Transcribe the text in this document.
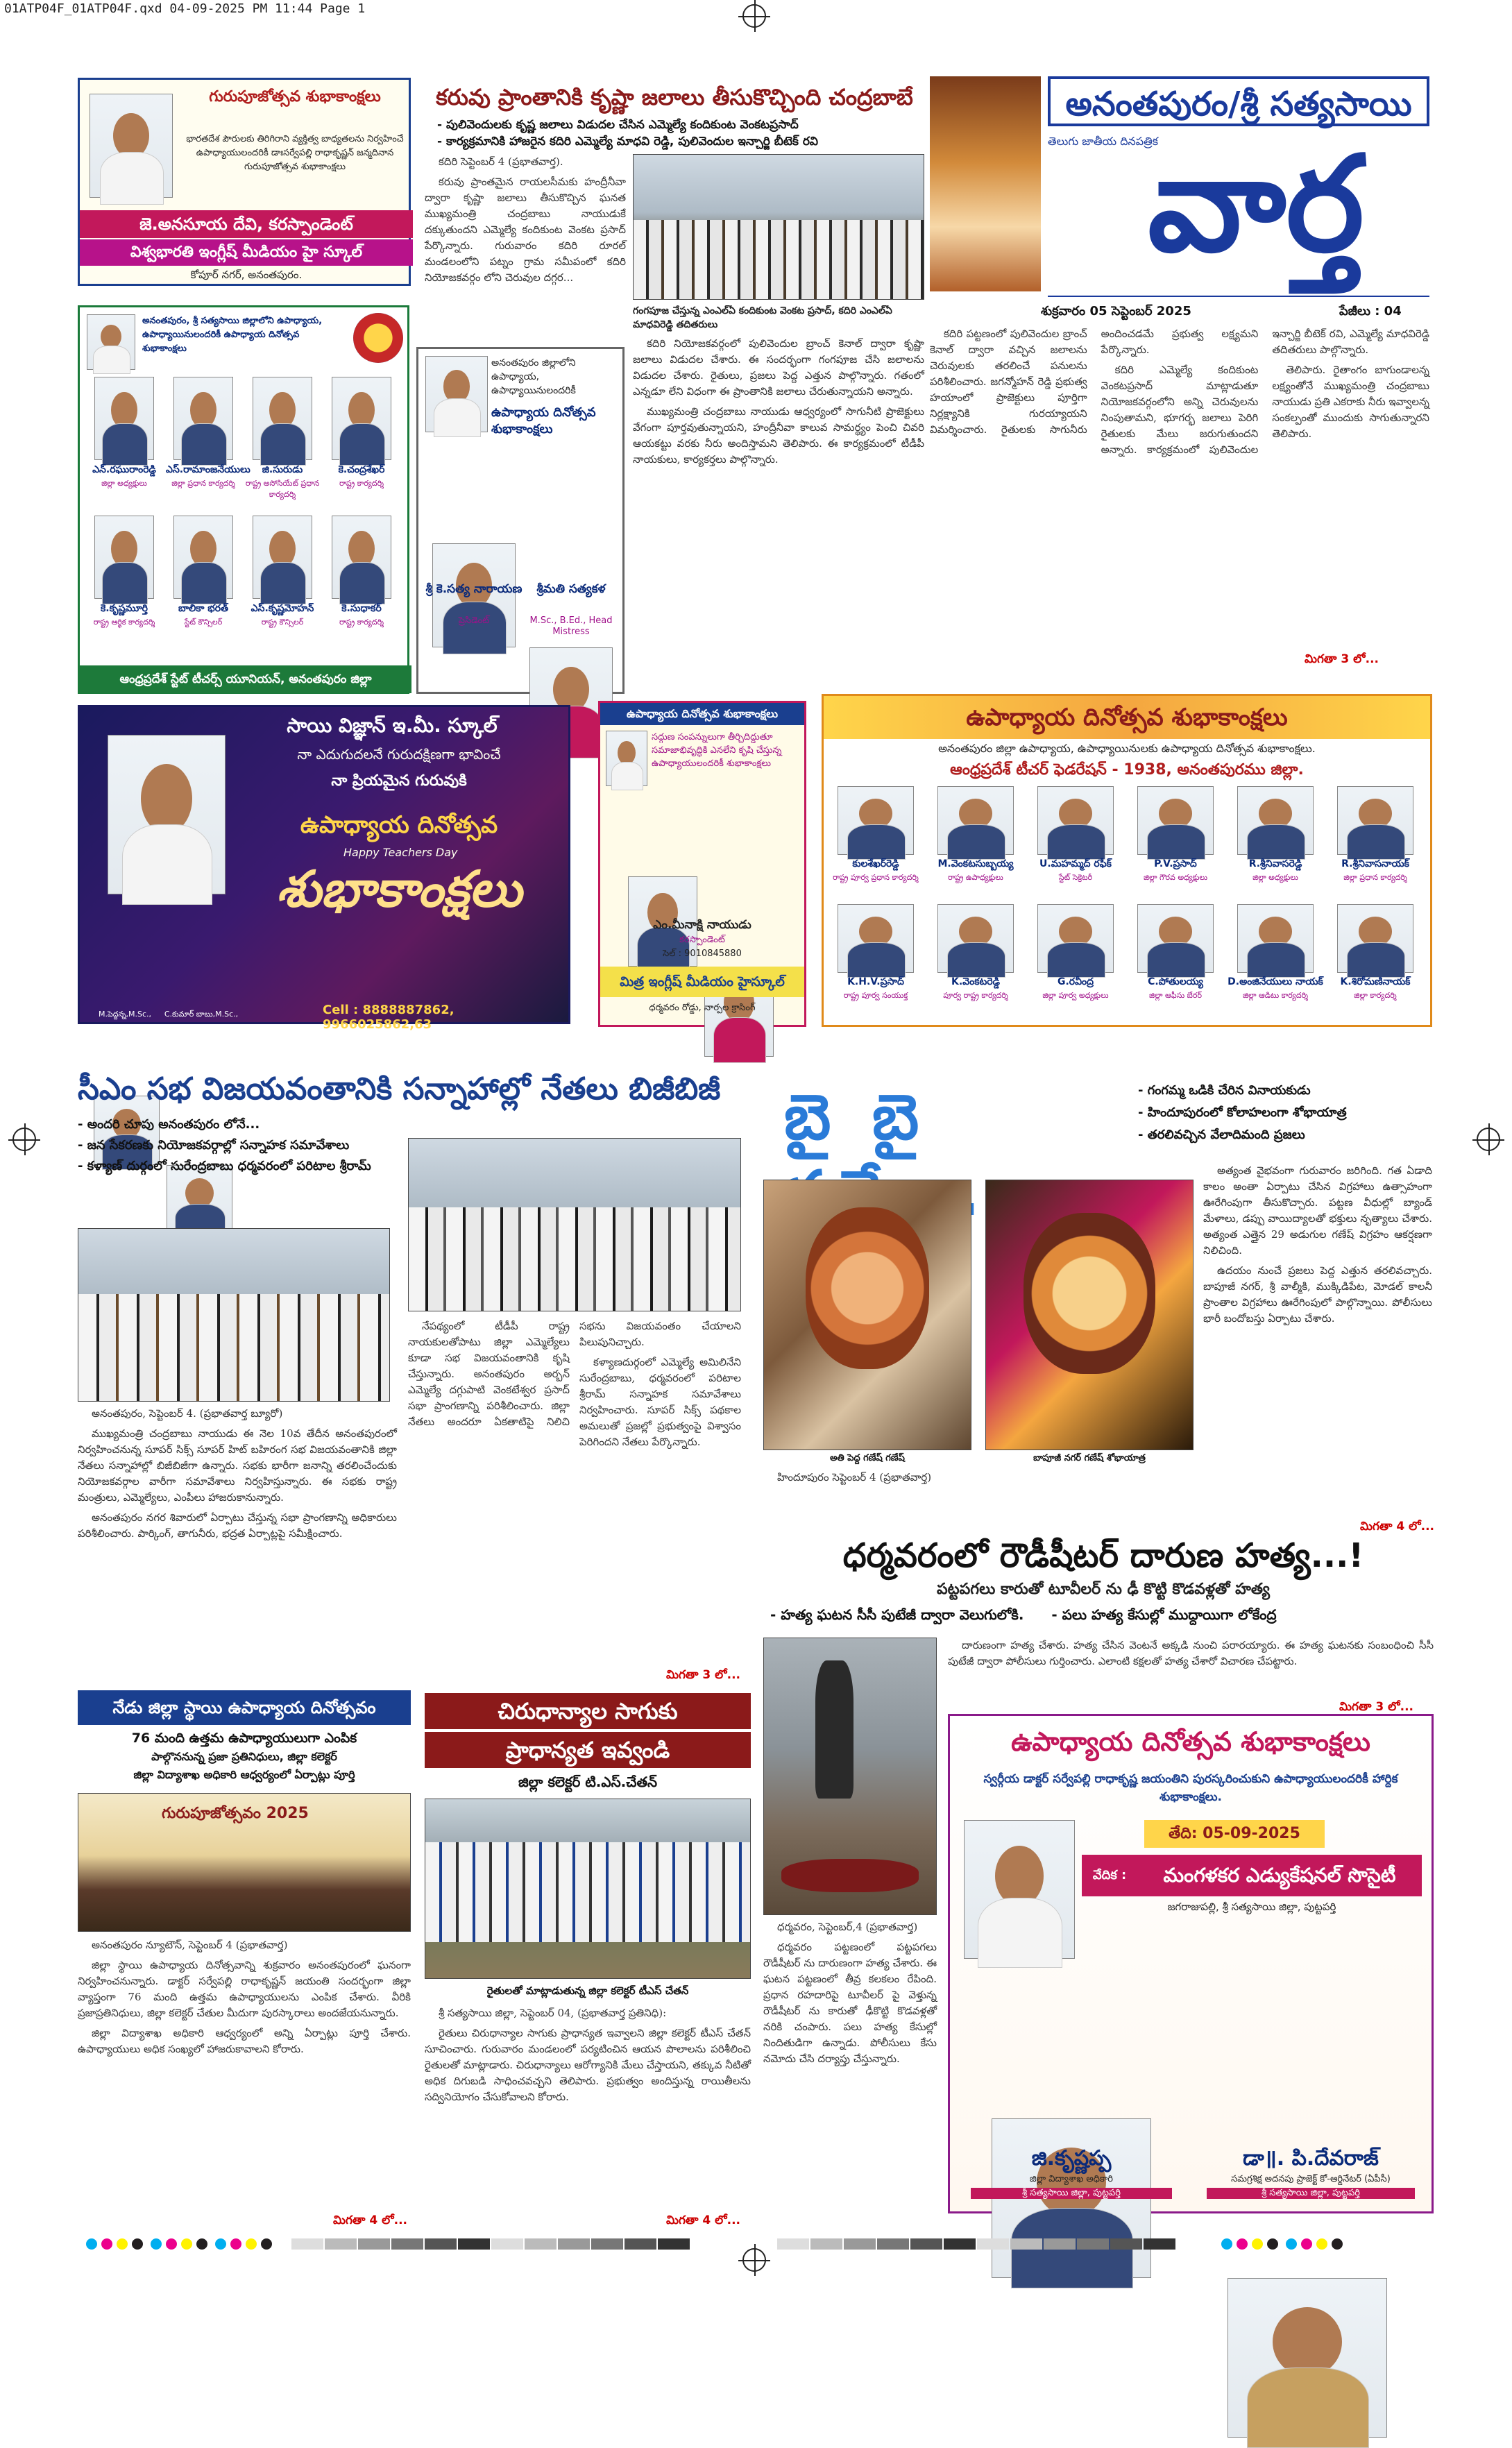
01ATP04F_01ATP04F.qxd 04-09-2025 PM 11:44 Page 1
అనంతపురం/శ్రీ సత్యసాయి
తెలుగు జాతీయ దినపత్రిక
వార్త
శుక్రవారం 05 సెప్టెంబర్ 2025	పేజీలు : 04
గురుపూజోత్సవ శుభాకాంక్షలు
భారతదేశ పౌరులకు తిరిగిరాని వ్యక్తిత్వ బాధ్యతలను నిర్వహించే ఉపాధ్యాయులందరికీ డాఃసర్వేపల్లి రాధాకృష్ణన్ జన్మదినాన గురుపూజోత్సవ శుభాకాంక్షలు
జె.అనసూయ దేవి, కరస్పాండెంట్
విశ్వభారతి ఇంగ్లీష్ మీడియం హై స్కూల్
కోపూర్ నగర్, అనంతపురం.
కరువు ప్రాంతానికి కృష్ణా జలాలు తీసుకొచ్చింది చంద్రబాబే
- పులివెందులకు కృష్ణ జలాలు విడుదల చేసిన ఎమ్మెల్యే కందికుంట వెంకటప్రసాద్
- కార్యక్రమానికి హాజరైన కదిరి ఎమ్మెల్యే మాధవి రెడ్డి, పులివెందుల ఇన్చార్జి బీటెక్ రవి

కదిరి సెప్టెంబర్ 4 (ప్రభాతవార్త).

కరువు ప్రాంతమైన రాయలసీమకు హంద్రీనీవా ద్వారా కృష్ణా జలాలు తీసుకొచ్చిన ఘనత ముఖ్యమంత్రి చంద్రబాబు నాయుడుకే దక్కుతుందని ఎమ్మెల్యే కందికుంట వెంకట ప్రసాద్ పేర్కొన్నారు. గురువారం కదిరి రూరల్ మండలంలోని పట్నం గ్రామ సమీపంలో కదిరి నియోజకవర్గం లోని చెరువుల దగ్గర...

గంగపూజ చేస్తున్న ఎంఎల్ఏ కందికుంట వెంకట ప్రసాద్, కదిరి ఎంఎల్ఏ మాధవిరెడ్డి తదితరులు

కదిరి నియోజకవర్గంలో పులివెందుల బ్రాంచ్ కెనాల్ ద్వారా కృష్ణా జలాలు విడుదల చేశారు. ఈ సందర్భంగా గంగపూజ చేసి జలాలను విడుదల చేశారు. రైతులు, ప్రజలు పెద్ద ఎత్తున పాల్గొన్నారు. గతంలో ఎన్నడూ లేని విధంగా ఈ ప్రాంతానికి జలాలు చేరుతున్నాయని అన్నారు.

ముఖ్యమంత్రి చంద్రబాబు నాయుడు ఆధ్వర్యంలో సాగునీటి ప్రాజెక్టులు వేగంగా పూర్తవుతున్నాయని, హంద్రీనీవా కాలువ సామర్థ్యం పెంచి చివరి ఆయకట్టు వరకు నీరు అందిస్తామని తెలిపారు. ఈ కార్యక్రమంలో టీడీపీ నాయకులు, కార్యకర్తలు పాల్గొన్నారు.

కదిరి పట్టణంలో పులివెందుల బ్రాంచ్ కెనాల్ ద్వారా వచ్చిన జలాలను చెరువులకు తరలించే పనులను పరిశీలించారు. జగన్మోహన్ రెడ్డి ప్రభుత్వ హయాంలో ప్రాజెక్టులు పూర్తిగా నిర్లక్ష్యానికి గురయ్యాయని విమర్శించారు. రైతులకు సాగునీరు అందించడమే ప్రభుత్వ లక్ష్యమని పేర్కొన్నారు.

కదిరి ఎమ్మెల్యే కందికుంట వెంకటప్రసాద్ మాట్లాడుతూ నియోజకవర్గంలోని అన్ని చెరువులను నింపుతామని, భూగర్భ జలాలు పెరిగి రైతులకు మేలు జరుగుతుందని అన్నారు. కార్యక్రమంలో పులివెందుల ఇన్చార్జి బీటెక్ రవి, ఎమ్మెల్యే మాధవిరెడ్డి తదితరులు పాల్గొన్నారు.

తెలిపారు. రైతాంగం బాగుండాలన్న లక్ష్యంతోనే ముఖ్యమంత్రి చంద్రబాబు నాయుడు ప్రతి ఎకరాకు నీరు ఇవ్వాలన్న సంకల్పంతో ముందుకు సాగుతున్నారని తెలిపారు.

మిగతా 3 లో...
అనంతపురం, శ్రీ సత్యసాయి జిల్లాలోని ఉపాధ్యాయ, ఉపాధ్యాయినులందరికీ ఉపాధ్యాయ దినోత్సవ శుభాకాంక్షలు
ఎన్.రఘురాంరెడ్డి
జిల్లా అధ్యక్షులు
ఎస్.రామాంజనేయులు
జిల్లా ప్రధాన కార్యదర్శి
జి.సురుడు
రాష్ట్ర అసోసియేట్ ప్రధాన కార్యదర్శి
కె.చంద్రశేఖర్
రాష్ట్ర కార్యదర్శి
కె.కృష్ణమూర్తి
రాష్ట్ర ఆర్థిక కార్యదర్శి
బాలికా భరత్
స్టేట్ కౌన్సిలర్
ఎస్.కృష్ణమోహన్
రాష్ట్ర కౌన్సిలర్
కె.సుధాకర్
రాష్ట్ర కార్యదర్శి
ఆంధ్రప్రదేశ్ స్టేట్ టీచర్స్ యూనియన్, అనంతపురం జిల్లా
అనంతపురం జిల్లాలోని ఉపాధ్యాయ, ఉపాధ్యాయినులందరికీ
ఉపాధ్యాయ దినోత్సవ శుభాకాంక్షలు
శ్రీ కె.సత్య నారాయణ
ప్రెసిడెంట్
శ్రీమతి సత్యకళ
M.Sc., B.Ed., Head Mistress
ఉపాధ్యాయ దినోత్సవ శుభాకాంక్షలు
అనంతపురం జిల్లా ఉపాధ్యాయ, ఉపాధ్యాయినులకు ఉపాధ్యాయ దినోత్సవ శుభాకాంక్షలు.
ఆంధ్రప్రదేశ్ టీచర్ ఫెడరేషన్ - 1938, అనంతపురము జిల్లా.
కులశేఖర్‌రెడ్డి
రాష్ట్ర పూర్వ ప్రధాన కార్యదర్శి
M.వెంకటసుబ్బయ్య
రాష్ట్ర ఉపాధ్యక్షులు
U.మహమ్మద్ రఫీక్
స్టేట్ సెక్రెటరీ
P.V.ప్రసాద్
జిల్లా గౌరవ అధ్యక్షులు
R.శ్రీనివాసరెడ్డి
జిల్లా అధ్యక్షులు
R.శ్రీనివాసనాయక్
జిల్లా ప్రధాన కార్యదర్శి
K.H.V.ప్రసాద్
రాష్ట్ర పూర్వ సంయుక్త
K.వెంకటరెడ్డి
పూర్వ రాష్ట్ర కార్యదర్శి
G.రవీంద్ర
జిల్లా పూర్వ అధ్యక్షులు
C.పోతులయ్య
జిల్లా ఆఫీసు బేరర్
D.అంజినేయులు నాయక్
జిల్లా ఆడిటు కార్యదర్శి
K.శిరోమణినాయక్
జిల్లా కార్యదర్శి
సాయి విజ్ఞాన్ ఇ.మీ. స్కూల్
నా ఎదుగుదలనే గురుదక్షిణగా భావించే
నా ప్రియమైన గురువుకి
ఉపాధ్యాయ దినోత్సవ
Happy Teachers Day
శుభాకాంక్షలు
M.పెద్దన్న,M.Sc.,	C.కుమార్ బాబు,M.Sc.,	Cell : 8888887862, 9966025862,63
ఉపాధ్యాయ దినోత్సవ శుభాకాంక్షలు
సద్గుణ సంపన్నులుగా తీర్చిదిద్దుతూ సమాజాభివృద్ధికి ఎనలేని కృషి చేస్తున్న ఉపాధ్యాయులందరికీ శుభాకాంక్షలు
ఎం.మీనాక్షి నాయుడు
కరస్పాండెంట్
సెల్ : 9010845880
మిత్ర ఇంగ్లీష్ మీడియం హైస్కూల్
ధర్మవరం రోడ్డు, నార్పల క్రాసింగ్
సీఎం సభ విజయవంతానికి సన్నాహాల్లో నేతలు బిజీబిజీ
- అందరి చూపు అనంతపురం లోనే...
- జన సేకరణకు నియోజకవర్గాల్లో సన్నాహక సమావేశాలు
- కళ్యాణ్ దుర్గంలో సురేంద్రబాబు ధర్మవరంలో పరిటాల శ్రీరామ్

అనంతపురం, సెప్టెంబర్ 4. (ప్రభాతవార్త బ్యూరో)

ముఖ్యమంత్రి చంద్రబాబు నాయుడు ఈ నెల 10వ తేదీన అనంతపురంలో నిర్వహించనున్న సూపర్ సిక్స్ సూపర్ హిట్ బహిరంగ సభ విజయవంతానికి జిల్లా నేతలు సన్నాహాల్లో బిజీబిజీగా ఉన్నారు. సభకు భారీగా జనాన్ని తరలించేందుకు నియోజకవర్గాల వారీగా సమావేశాలు నిర్వహిస్తున్నారు. ఈ సభకు రాష్ట్ర మంత్రులు, ఎమ్మెల్యేలు, ఎంపీలు హాజరుకానున్నారు.

అనంతపురం నగర శివారులో ఏర్పాటు చేస్తున్న సభా ప్రాంగణాన్ని అధికారులు పరిశీలించారు. పార్కింగ్, తాగునీరు, భద్రత ఏర్పాట్లపై సమీక్షించారు.

నేపథ్యంలో టీడీపీ రాష్ట్ర నాయకులతోపాటు జిల్లా ఎమ్మెల్యేలు కూడా సభ విజయవంతానికి కృషి చేస్తున్నారు. అనంతపురం అర్బన్ ఎమ్మెల్యే దగ్గుపాటి వెంకటేశ్వర ప్రసాద్ సభా ప్రాంగణాన్ని పరిశీలించారు. జిల్లా నేతలు అందరూ ఏకతాటిపై నిలిచి సభను విజయవంతం చేయాలని పిలుపునిచ్చారు.

కళ్యాణదుర్గంలో ఎమ్మెల్యే అమిలినేని సురేంద్రబాబు, ధర్మవరంలో పరిటాల శ్రీరామ్ సన్నాహక సమావేశాలు నిర్వహించారు. సూపర్ సిక్స్ పథకాల అమలుతో ప్రజల్లో ప్రభుత్వంపై విశ్వాసం పెరిగిందని నేతలు పేర్కొన్నారు.

మిగతా 3 లో...
బై బై	- గంగమ్మ ఒడికి చేరిన వినాయకుడు
- హిందూపురంలో కోలాహలంగా శోభాయాత్ర
- తరలివచ్చిన వేలాదిమంది ప్రజలు
అతి పెద్ద గణేష్ గణేష్	బాపూజీ నగర్ గణేష్ శోభాయాత్ర

హిందూపురం సెప్టెంబర్ 4 (ప్రభాతవార్త)

అత్యంత వైభవంగా గురువారం జరిగింది. గత ఏడాది కాలం అంతా ఏర్పాటు చేసిన విగ్రహాలు ఉత్సాహంగా ఊరేగింపుగా తీసుకొచ్చారు. పట్టణ వీధుల్లో బ్యాండ్ మేళాలు, డప్పు వాయిద్యాలతో భక్తులు నృత్యాలు చేశారు. అత్యంత ఎత్తైన 29 అడుగుల గణేష్ విగ్రహం ఆకర్షణగా నిలిచింది.

ఉదయం నుంచే ప్రజలు పెద్ద ఎత్తున తరలివచ్చారు. బాపూజీ నగర్, శ్రీ వాల్మీకి, ముక్కిడిపేట, మోడల్ కాలనీ ప్రాంతాల విగ్రహాలు ఊరేగింపులో పాల్గొన్నాయి. పోలీసులు భారీ బందోబస్తు ఏర్పాటు చేశారు.

మిగతా 4 లో...
ధర్మవరంలో రౌడీషీటర్ దారుణ హత్య...!
పట్టపగలు కారుతో టూవీలర్ ను ఢీ కొట్టి కొడవళ్లతో హత్య
- హత్య ఘటన సీసీ పుటేజీ ద్వారా వెలుగులోకి. - పలు హత్య కేసుల్లో ముద్దాయిగా లోకేంద్ర

దారుణంగా హత్య చేశారు. హత్య చేసిన వెంటనే అక్కడి నుంచి పరారయ్యారు. ఈ హత్య ఘటనకు సంబంధించి సీసీ పుటేజీ ద్వారా పోలీసులు గుర్తించారు. ఎలాంటి కక్షలతో హత్య చేశారో విచారణ చేపట్టారు.

మిగతా 3 లో...

ధర్మవరం, సెప్టెంబర్,4 (ప్రభాతవార్త)

ధర్మవరం పట్టణంలో పట్టపగలు రౌడీషీటర్ ను దారుణంగా హత్య చేశారు. ఈ ఘటన పట్టణంలో తీవ్ర కలకలం రేపింది. ప్రధాన రహదారిపై టూవీలర్ పై వెళ్తున్న రౌడీషీటర్ ను కారుతో ఢీకొట్టి కొడవళ్లతో నరికి చంపారు. పలు హత్య కేసుల్లో నిందితుడిగా ఉన్నాడు. పోలీసులు కేసు నమోదు చేసి దర్యాప్తు చేస్తున్నారు.

ఉపాధ్యాయ దినోత్సవ శుభాకాంక్షలు
స్వర్గీయ డాక్టర్ సర్వేపల్లి రాధాకృష్ణ జయంతిని పురస్కరించుకుని ఉపాధ్యాయులందరికీ హార్దిక శుభాకాంక్షలు.
తేది: 05-09-2025
వేదిక :	మంగళకర ఎడ్యుకేషనల్ సొసైటీ
జగరాజుపల్లి, శ్రీ సత్యసాయి జిల్లా, పుట్టపర్తి
జి.కృష్ణప్ప
జిల్లా విద్యాశాఖ అధికారి
శ్రీ సత్యసాయి జిల్లా, పుట్టపర్తి
డా॥. పి.దేవరాజ్
సమగ్రశిక్ష అదనపు ప్రాజెక్ట్ కో-ఆర్డినేటర్ (ఏపీసీ)
శ్రీ సత్యసాయి జిల్లా, పుట్టపర్తి
నేడు జిల్లా స్థాయి ఉపాధ్యాయ దినోత్సవం
76 మంది ఉత్తమ ఉపాధ్యాయులుగా ఎంపిక
పాల్గొననున్న ప్రజా ప్రతినిధులు, జిల్లా కలెక్టర్
జిల్లా విద్యాశాఖ అధికారి ఆధ్వర్యంలో ఏర్పాట్లు పూర్తి
గురుపూజోత్సవం 2025

అనంతపురం న్యూటౌన్, సెప్టెంబర్ 4 (ప్రభాతవార్త)

జిల్లా స్థాయి ఉపాధ్యాయ దినోత్సవాన్ని శుక్రవారం అనంతపురంలో ఘనంగా నిర్వహించనున్నారు. డాక్టర్ సర్వేపల్లి రాధాకృష్ణన్ జయంతి సందర్భంగా జిల్లా వ్యాప్తంగా 76 మంది ఉత్తమ ఉపాధ్యాయులను ఎంపిక చేశారు. వీరికి ప్రజాప్రతినిధులు, జిల్లా కలెక్టర్ చేతుల మీదుగా పురస్కారాలు అందజేయనున్నారు.

జిల్లా విద్యాశాఖ అధికారి ఆధ్వర్యంలో అన్ని ఏర్పాట్లు పూర్తి చేశారు. ఉపాధ్యాయులు అధిక సంఖ్యలో హాజరుకావాలని కోరారు.

మిగతా 4 లో...
చిరుధాన్యాల సాగుకు
ప్రాధాన్యత ఇవ్వండి
జిల్లా కలెక్టర్ టి.ఎస్.చేతన్
రైతులతో మాట్లాడుతున్న జిల్లా కలెక్టర్ టీఎస్ చేతన్

శ్రీ సత్యసాయి జిల్లా, సెప్టెంబర్ 04, (ప్రభాతవార్త ప్రతినిధి):

రైతులు చిరుధాన్యాల సాగుకు ప్రాధాన్యత ఇవ్వాలని జిల్లా కలెక్టర్ టీఎస్ చేతన్ సూచించారు. గురువారం మండలంలో పర్యటించిన ఆయన పొలాలను పరిశీలించి రైతులతో మాట్లాడారు. చిరుధాన్యాలు ఆరోగ్యానికి మేలు చేస్తాయని, తక్కువ నీటితో అధిక దిగుబడి సాధించవచ్చని తెలిపారు. ప్రభుత్వం అందిస్తున్న రాయితీలను సద్వినియోగం చేసుకోవాలని కోరారు.

మిగతా 4 లో...
